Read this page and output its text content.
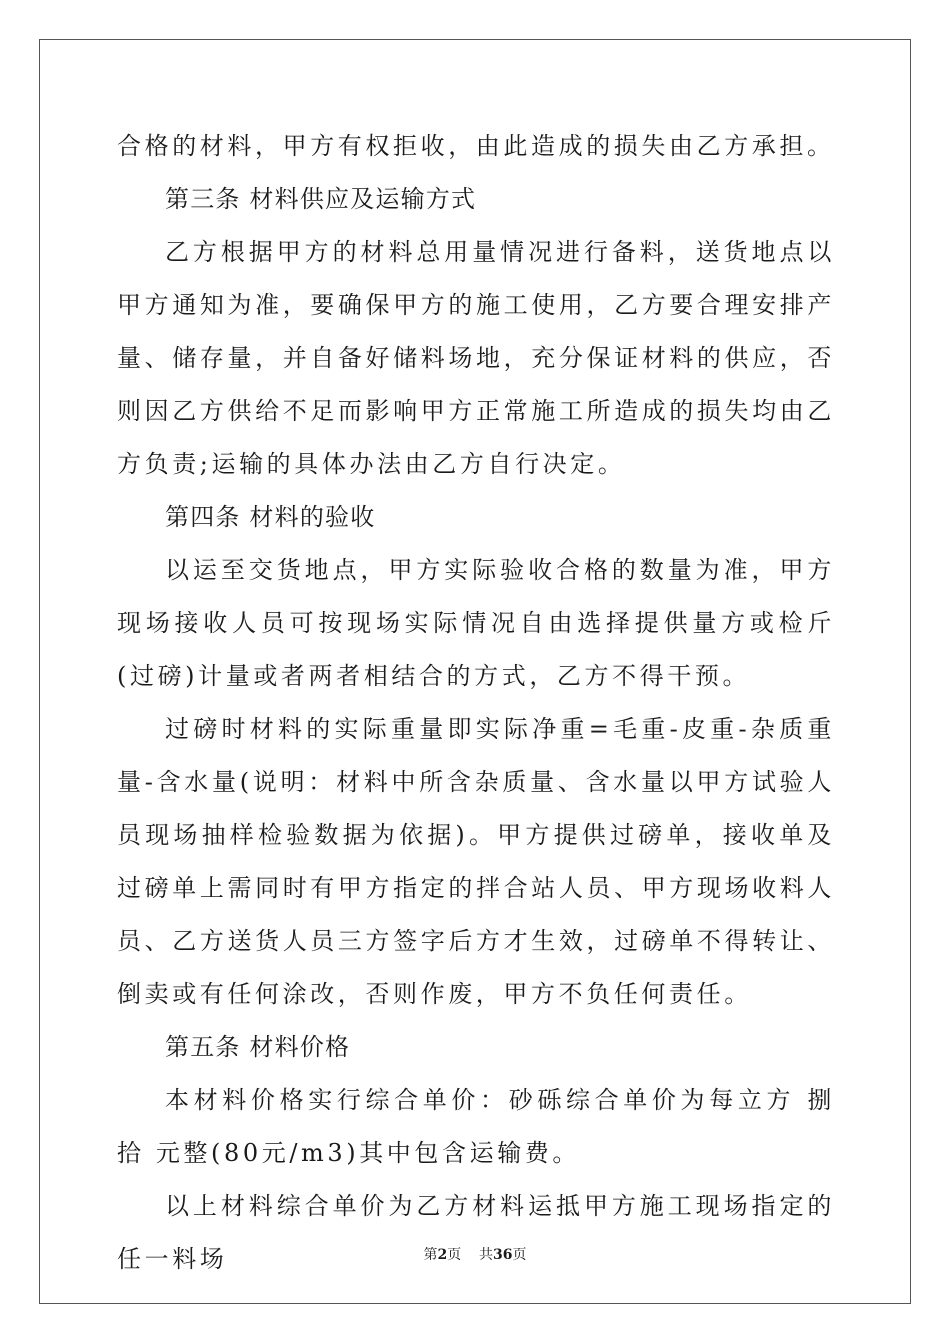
合格的材料，甲方有权拒收，由此造成的损失由乙方承担。

第三条 材料供应及运输方式

乙方根据甲方的材料总用量情况进行备料，送货地点以甲方通知为准，要确保甲方的施工使用，乙方要合理安排产量、储存量，并自备好储料场地，充分保证材料的供应，否则因乙方供给不足而影响甲方正常施工所造成的损失均由乙方负责;运输的具体办法由乙方自行决定。

第四条 材料的验收

以运至交货地点，甲方实际验收合格的数量为准，甲方现场接收人员可按现场实际情况自由选择提供量方或检斤(过磅)计量或者两者相结合的方式，乙方不得干预。

过磅时材料的实际重量即实际净重=毛重-皮重-杂质重量-含水量(说明：材料中所含杂质量、含水量以甲方试验人员现场抽样检验数据为依据)。甲方提供过磅单，接收单及过磅单上需同时有甲方指定的拌合站人员、甲方现场收料人员、乙方送货人员三方签字后方才生效，过磅单不得转让、倒卖或有任何涂改，否则作废，甲方不负任何责任。

第五条 材料价格

本材料价格实行综合单价：砂砾综合单价为每立方 捌拾 元整(80元/m3)其中包含运输费。

以上材料综合单价为乙方材料运抵甲方施工现场指定的任一料场	第2页 共36页
